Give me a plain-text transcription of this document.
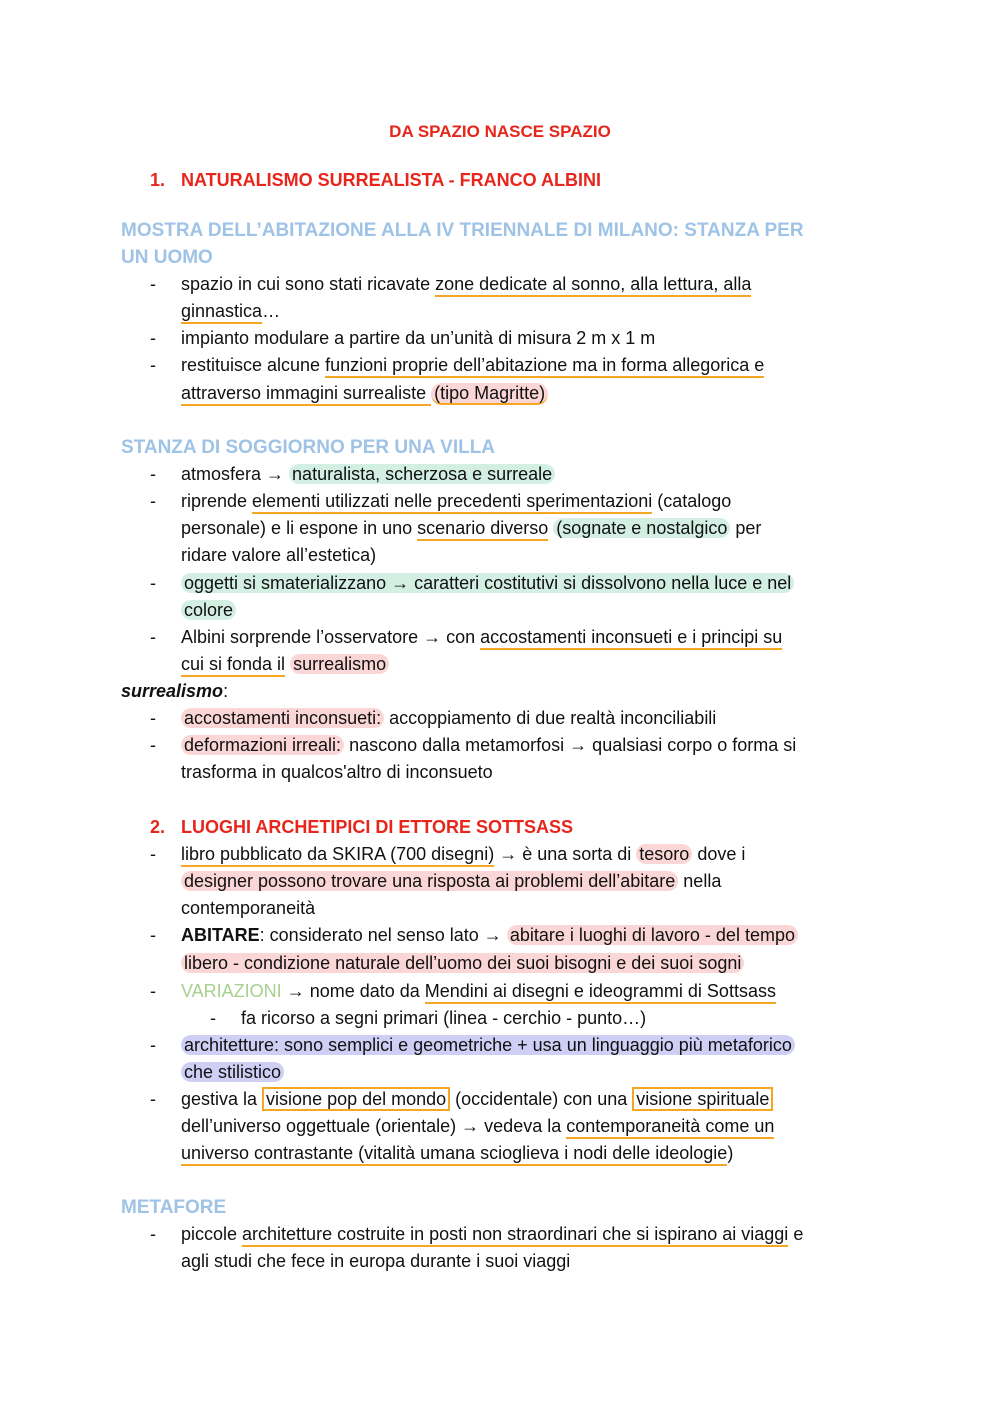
DA SPAZIO NASCE SPAZIO
1. NATURALISMO SURREALISTA - FRANCO ALBINI
MOSTRA DELL’ABITAZIONE ALLA IV TRIENNALE DI MILANO: STANZA PER
UN UOMO
- spazio in cui sono stati ricavate zone dedicate al sonno, alla lettura, alla
ginnastica…
- impianto modulare a partire da un’unità di misura 2 m x 1 m
- restituisce alcune funzioni proprie dell’abitazione ma in forma allegorica e
attraverso immagini surrealiste (tipo Magritte)
STANZA DI SOGGIORNO PER UNA VILLA
- atmosfera → naturalista, scherzosa e surreale
- riprende elementi utilizzati nelle precedenti sperimentazioni (catalogo
personale) e li espone in uno scenario diverso (sognate e nostalgico per
ridare valore all’estetica)
- oggetti si smaterializzano → caratteri costitutivi si dissolvono nella luce e nel
colore
- Albini sorprende l’osservatore → con accostamenti inconsueti e i principi su
cui si fonda il surrealismo
surrealismo:
- accostamenti inconsueti: accoppiamento di due realtà inconciliabili
- deformazioni irreali: nascono dalla metamorfosi → qualsiasi corpo o forma si
trasforma in qualcos'altro di inconsueto
2. LUOGHI ARCHETIPICI DI ETTORE SOTTSASS
- libro pubblicato da SKIRA (700 disegni) → è una sorta di tesoro dove i
designer possono trovare una risposta ai problemi dell’abitare nella
contemporaneità
- ABITARE: considerato nel senso lato → abitare i luoghi di lavoro - del tempo
libero - condizione naturale dell’uomo dei suoi bisogni e dei suoi sogni
- VARIAZIONI → nome dato da Mendini ai disegni e ideogrammi di Sottsass
- fa ricorso a segni primari (linea - cerchio - punto…)
- architetture: sono semplici e geometriche + usa un linguaggio più metaforico
che stilistico
- gestiva la visione pop del mondo (occidentale) con una visione spirituale
dell’universo oggettuale (orientale) → vedeva la contemporaneità come un
universo contrastante (vitalità umana scioglieva i nodi delle ideologie)
METAFORE
- piccole architetture costruite in posti non straordinari che si ispirano ai viaggi e
agli studi che fece in europa durante i suoi viaggi
